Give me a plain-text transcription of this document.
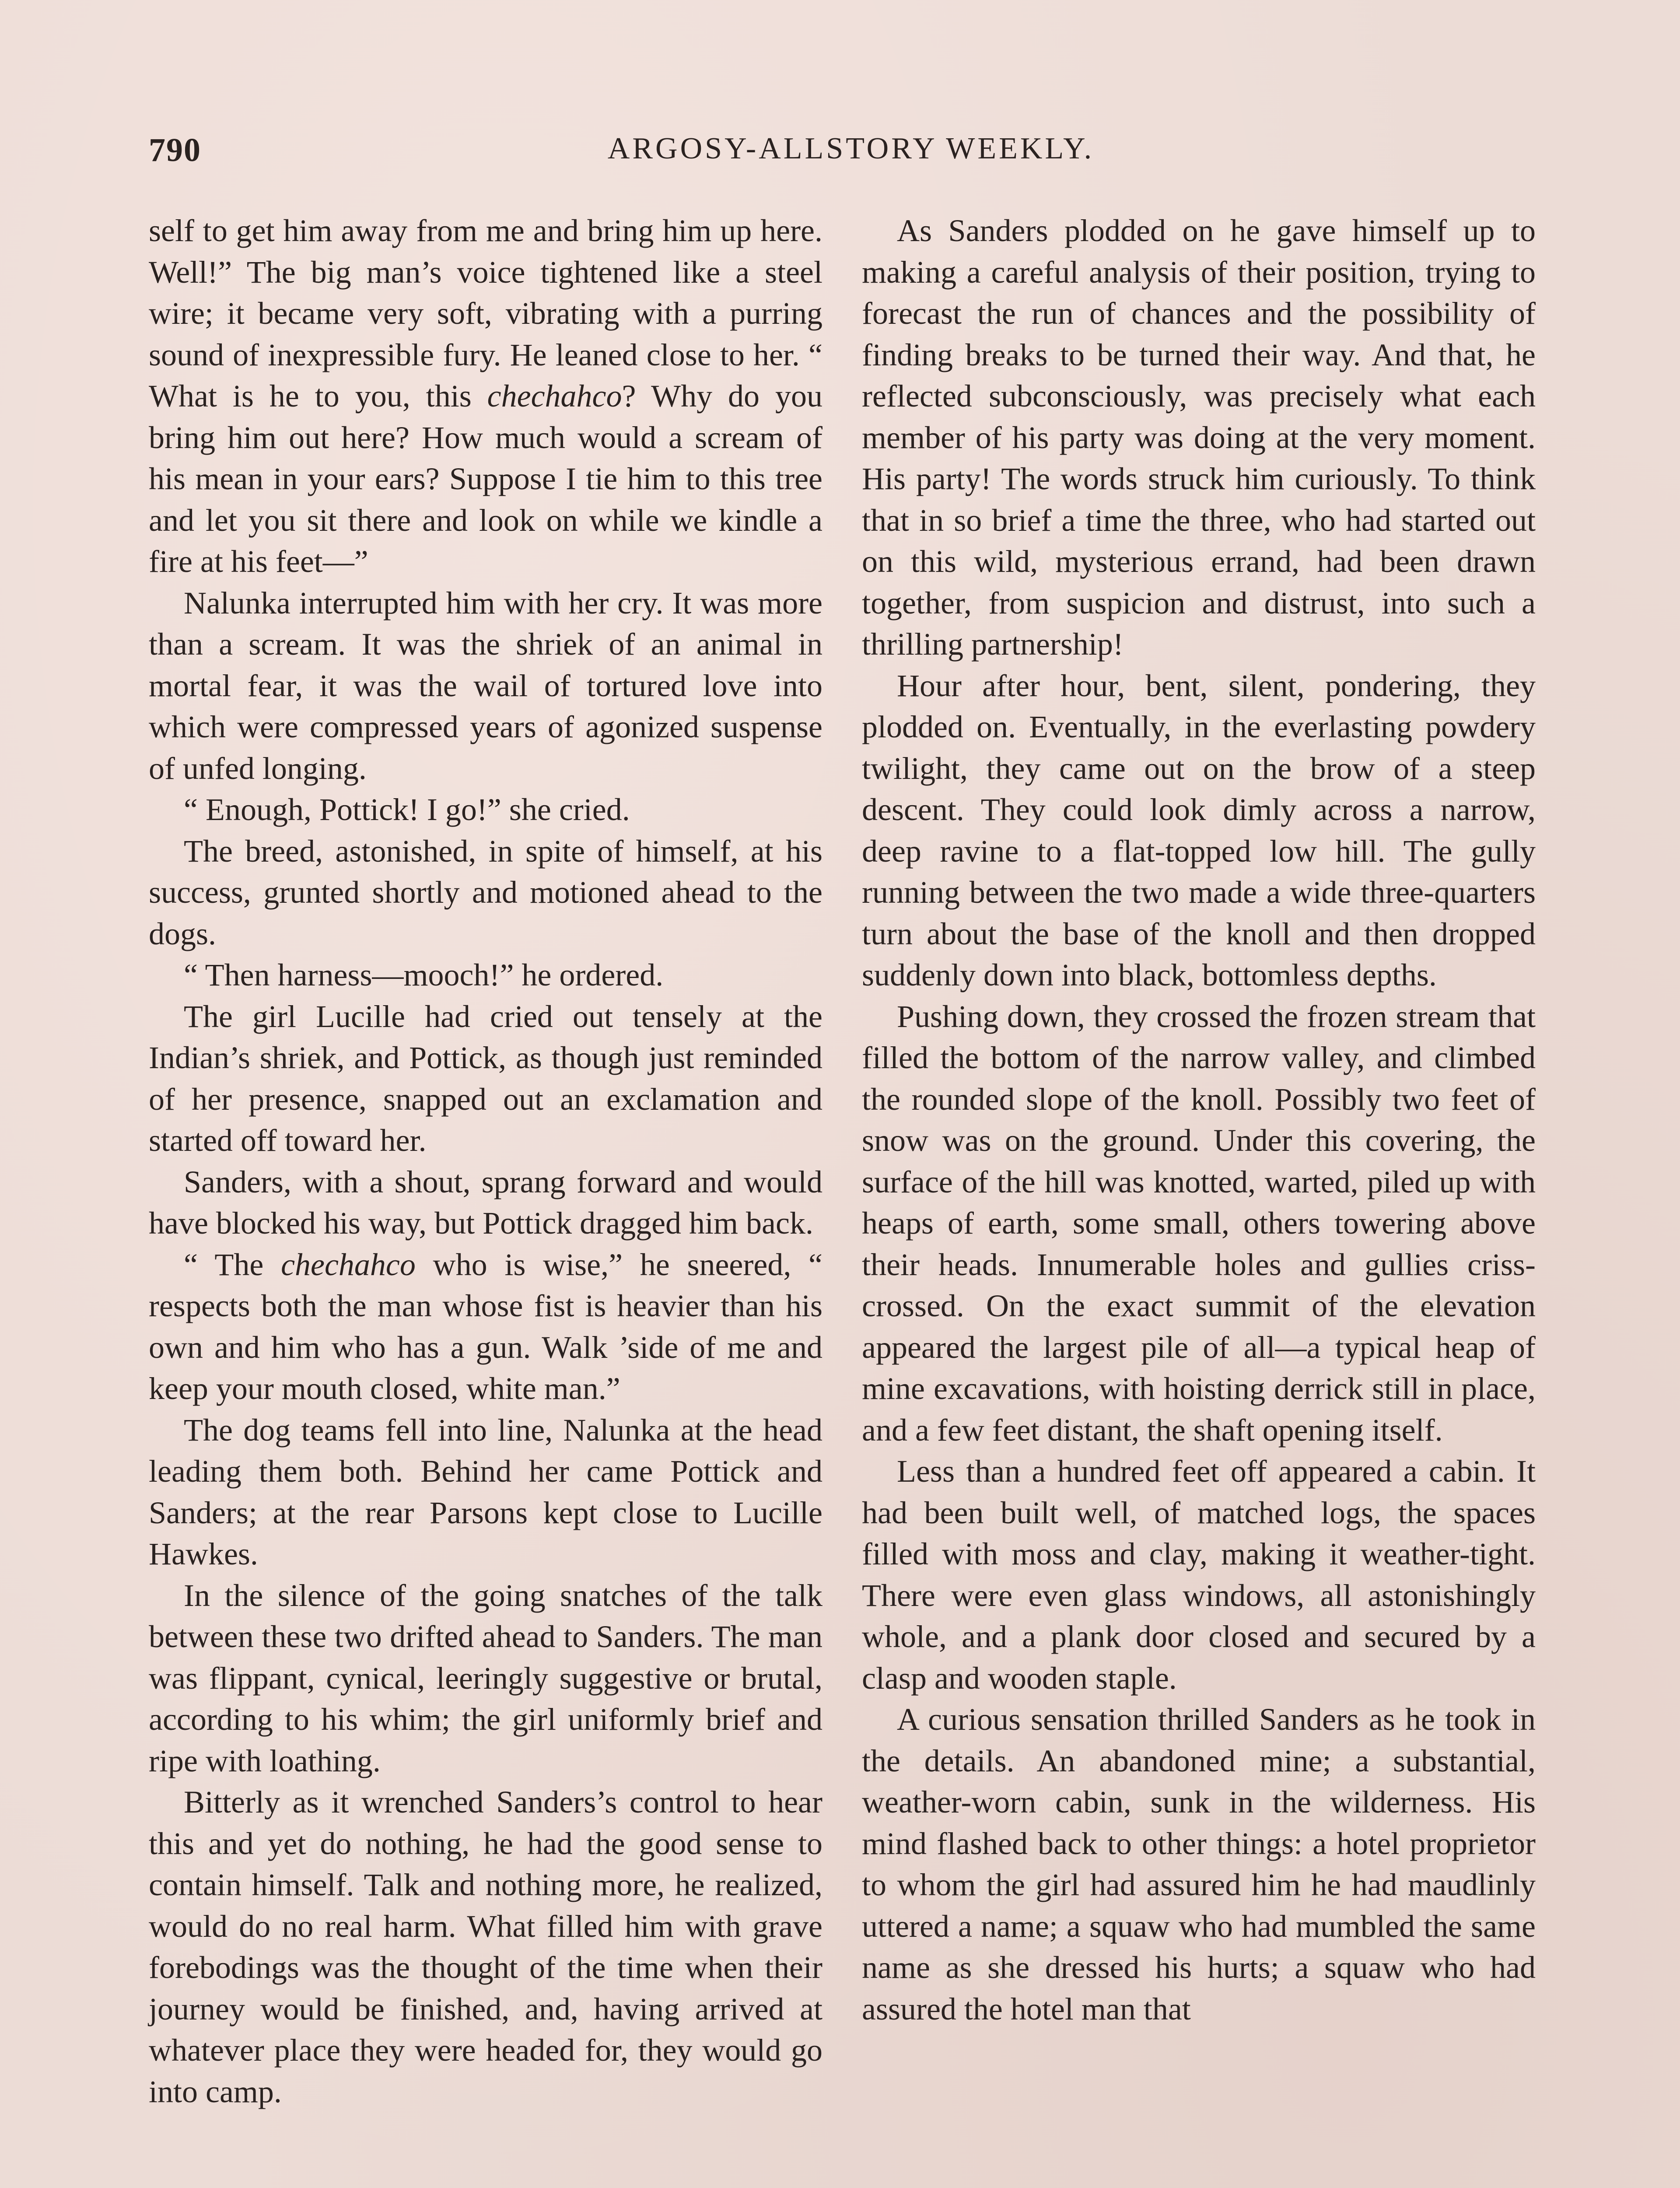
790	ARGOSY-ALLSTORY WEEKLY.

self to get him away from me and bring him up here. Well!” The big man’s voice tightened like a steel wire; it became very soft, vibrating with a purring sound of inexpressible fury. He leaned close to her. “ What is he to you, this chechahco? Why do you bring him out here? How much would a scream of his mean in your ears? Suppose I tie him to this tree and let you sit there and look on while we kindle a fire at his feet—”

Nalunka interrupted him with her cry. It was more than a scream. It was the shriek of an animal in mortal fear, it was the wail of tortured love into which were compressed years of agonized suspense of unfed longing.

“ Enough, Pottick! I go!” she cried.

The breed, astonished, in spite of himself, at his success, grunted shortly and motioned ahead to the dogs.

“ Then harness—mooch!” he ordered.

The girl Lucille had cried out tensely at the Indian’s shriek, and Pottick, as though just reminded of her presence, snapped out an exclamation and started off toward her.

Sanders, with a shout, sprang forward and would have blocked his way, but Pottick dragged him back.

“ The chechahco who is wise,” he sneered, “ respects both the man whose fist is heavier than his own and him who has a gun. Walk ’side of me and keep your mouth closed, white man.”

The dog teams fell into line, Nalunka at the head leading them both. Behind her came Pottick and Sanders; at the rear Parsons kept close to Lucille Hawkes.

In the silence of the going snatches of the talk between these two drifted ahead to Sanders. The man was flippant, cynical, leeringly suggestive or brutal, according to his whim; the girl uniformly brief and ripe with loathing.

Bitterly as it wrenched Sanders’s control to hear this and yet do nothing, he had the good sense to contain himself. Talk and nothing more, he realized, would do no real harm. What filled him with grave forebodings was the thought of the time when their journey would be finished, and, having arrived at whatever place they were headed for, they would go into camp.

As Sanders plodded on he gave himself up to making a careful analysis of their position, trying to forecast the run of chances and the possibility of finding breaks to be turned their way. And that, he reflected subconsciously, was precisely what each member of his party was doing at the very moment. His party! The words struck him curiously. To think that in so brief a time the three, who had started out on this wild, mysterious errand, had been drawn together, from suspicion and distrust, into such a thrilling partnership!

Hour after hour, bent, silent, pondering, they plodded on. Eventually, in the everlasting powdery twilight, they came out on the brow of a steep descent. They could look dimly across a narrow, deep ravine to a flat-topped low hill. The gully running between the two made a wide three-quarters turn about the base of the knoll and then dropped suddenly down into black, bottomless depths.

Pushing down, they crossed the frozen stream that filled the bottom of the narrow valley, and climbed the rounded slope of the knoll. Possibly two feet of snow was on the ground. Under this covering, the surface of the hill was knotted, warted, piled up with heaps of earth, some small, others towering above their heads. Innumerable holes and gullies criss-crossed. On the exact summit of the elevation appeared the largest pile of all—a typical heap of mine excavations, with hoisting derrick still in place, and a few feet distant, the shaft opening itself.

Less than a hundred feet off appeared a cabin. It had been built well, of matched logs, the spaces filled with moss and clay, making it weather-tight. There were even glass windows, all astonishingly whole, and a plank door closed and secured by a clasp and wooden staple.

A curious sensation thrilled Sanders as he took in the details. An abandoned mine; a substantial, weather-worn cabin, sunk in the wilderness. His mind flashed back to other things: a hotel proprietor to whom the girl had assured him he had maudlinly uttered a name; a squaw who had mumbled the same name as she dressed his hurts; a squaw who had assured the hotel man that
